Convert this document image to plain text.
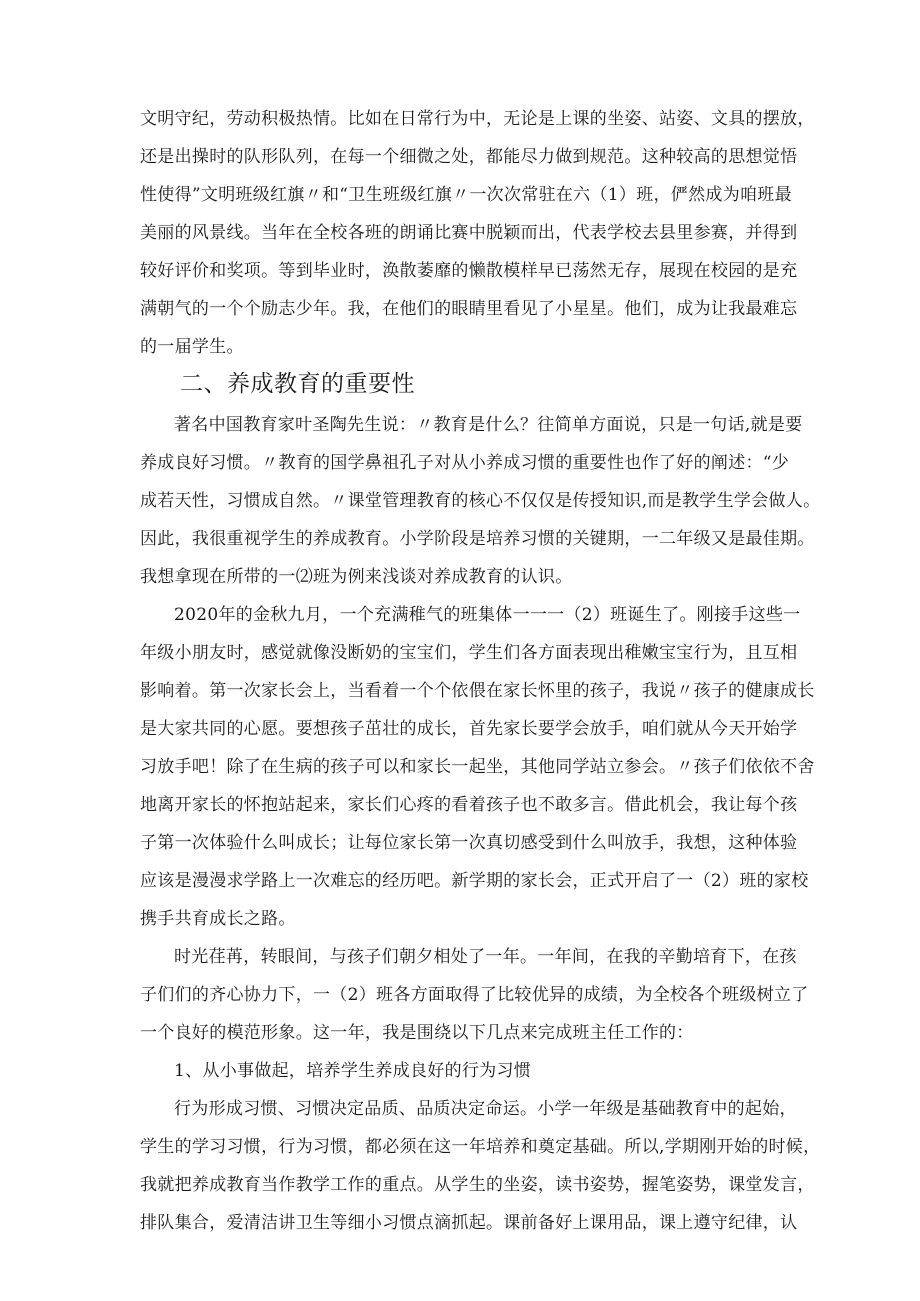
文明守纪，劳动积极热情。比如在日常行为中，无论是上课的坐姿、站姿、文具的摆放，
还是出操时的队形队列，在每一个细微之处，都能尽力做到规范。这种较高的思想觉悟
性使得”文明班级红旗〃和“卫生班级红旗〃一次次常驻在六（1）班，俨然成为咱班最
美丽的风景线。当年在全校各班的朗诵比赛中脱颖而出，代表学校去县里参赛，并得到
较好评价和奖项。等到毕业时，涣散萎靡的懒散模样早已荡然无存，展现在校园的是充
满朝气的一个个励志少年。我，在他们的眼睛里看见了小星星。他们，成为让我最难忘
的一届学生。
二、养成教育的重要性
著名中国教育家叶圣陶先生说：〃教育是什么？往简单方面说，只是一句话,就是要
养成良好习惯。〃教育的国学鼻祖孔子对从小养成习惯的重要性也作了好的阐述：“少
成若天性，习惯成自然。〃课堂管理教育的核心不仅仅是传授知识,而是教学生学会做人。
因此，我很重视学生的养成教育。小学阶段是培养习惯的关键期，一二年级又是最佳期。
我想拿现在所带的一⑵班为例来浅谈对养成教育的认识。
2020年的金秋九月，一个充满稚气的班集体一一一（2）班诞生了。刚接手这些一
年级小朋友时，感觉就像没断奶的宝宝们，学生们各方面表现出稚嫩宝宝行为，且互相
影响着。第一次家长会上，当看着一个个依偎在家长怀里的孩子，我说〃孩子的健康成长
是大家共同的心愿。要想孩子茁壮的成长，首先家长要学会放手，咱们就从今天开始学
习放手吧！除了在生病的孩子可以和家长一起坐，其他同学站立参会。〃孩子们依依不舍
地离开家长的怀抱站起来，家长们心疼的看着孩子也不敢多言。借此机会，我让每个孩
子第一次体验什么叫成长；让每位家长第一次真切感受到什么叫放手，我想，这种体验
应该是漫漫求学路上一次难忘的经历吧。新学期的家长会，正式开启了一（2）班的家校
携手共育成长之路。
时光荏苒，转眼间，与孩子们朝夕相处了一年。一年间，在我的辛勤培育下，在孩
子们们的齐心协力下，一（2）班各方面取得了比较优异的成绩，为全校各个班级树立了
一个良好的模范形象。这一年，我是围绕以下几点来完成班主任工作的：
1、从小事做起，培养学生养成良好的行为习惯
行为形成习惯、习惯决定品质、品质决定命运。小学一年级是基础教育中的起始，
学生的学习习惯，行为习惯，都必须在这一年培养和奠定基础。所以,学期刚开始的时候，
我就把养成教育当作教学工作的重点。从学生的坐姿，读书姿势，握笔姿势，课堂发言，
排队集合，爱清洁讲卫生等细小习惯点滴抓起。课前备好上课用品，课上遵守纪律，认
